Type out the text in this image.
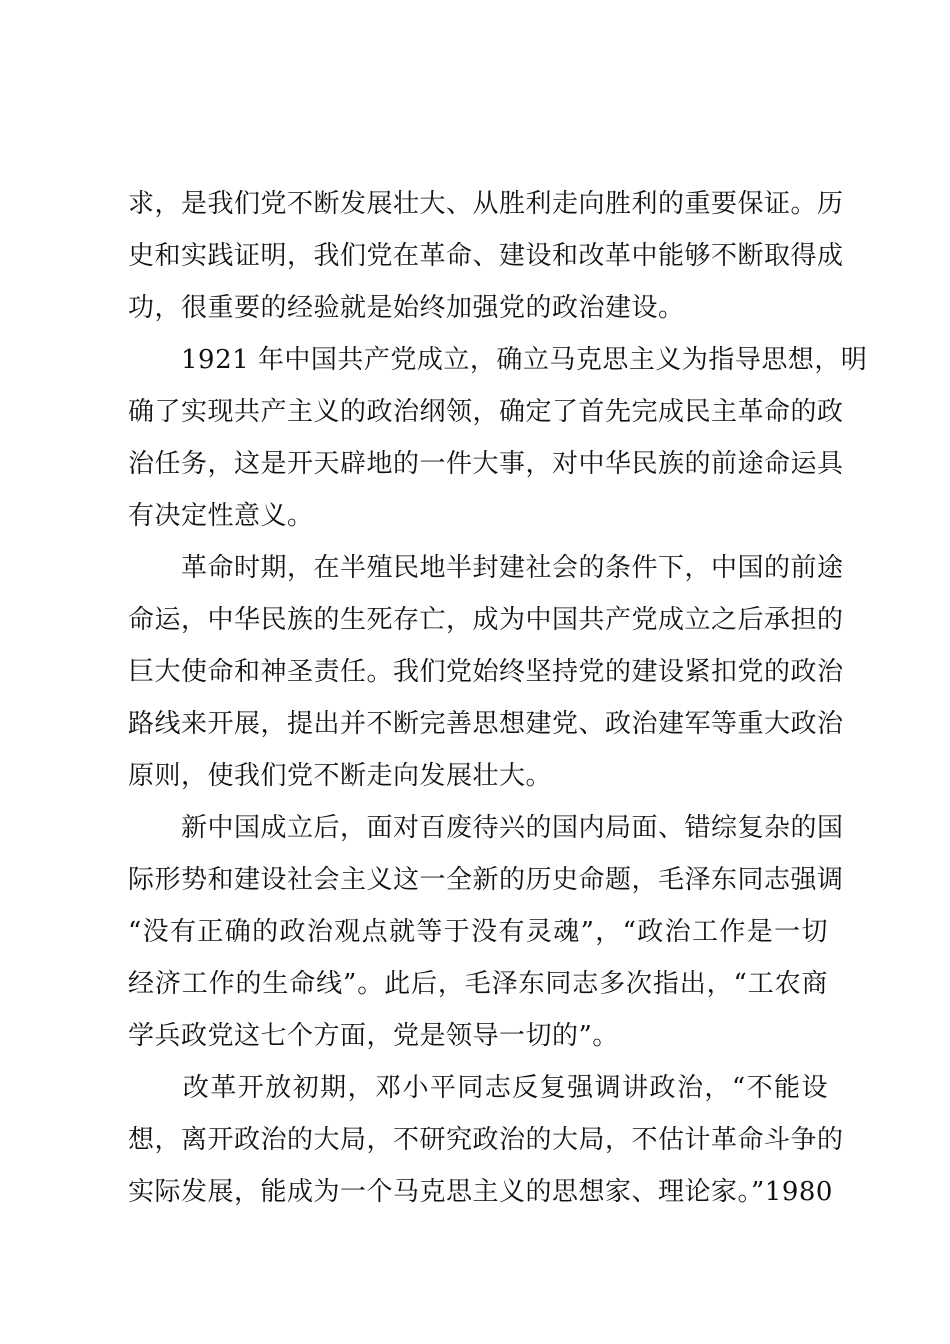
求，是我们党不断发展壮大、从胜利走向胜利的重要保证。历
史和实践证明，我们党在革命、建设和改革中能够不断取得成
功，很重要的经验就是始终加强党的政治建设。
　　1921 年中国共产党成立，确立马克思主义为指导思想，明
确了实现共产主义的政治纲领，确定了首先完成民主革命的政
治任务，这是开天辟地的一件大事，对中华民族的前途命运具
有决定性意义。
　　革命时期，在半殖民地半封建社会的条件下，中国的前途
命运，中华民族的生死存亡，成为中国共产党成立之后承担的
巨大使命和神圣责任。我们党始终坚持党的建设紧扣党的政治
路线来开展，提出并不断完善思想建党、政治建军等重大政治
原则，使我们党不断走向发展壮大。
　　新中国成立后，面对百废待兴的国内局面、错综复杂的国
际形势和建设社会主义这一全新的历史命题，毛泽东同志强调
“没有正确的政治观点就等于没有灵魂”，“政治工作是一切
经济工作的生命线”。此后，毛泽东同志多次指出，“工农商
学兵政党这七个方面，党是领导一切的”。
　　改革开放初期，邓小平同志反复强调讲政治，“不能设
想，离开政治的大局，不研究政治的大局，不估计革命斗争的
实际发展，能成为一个马克思主义的思想家、理论家。”1980
